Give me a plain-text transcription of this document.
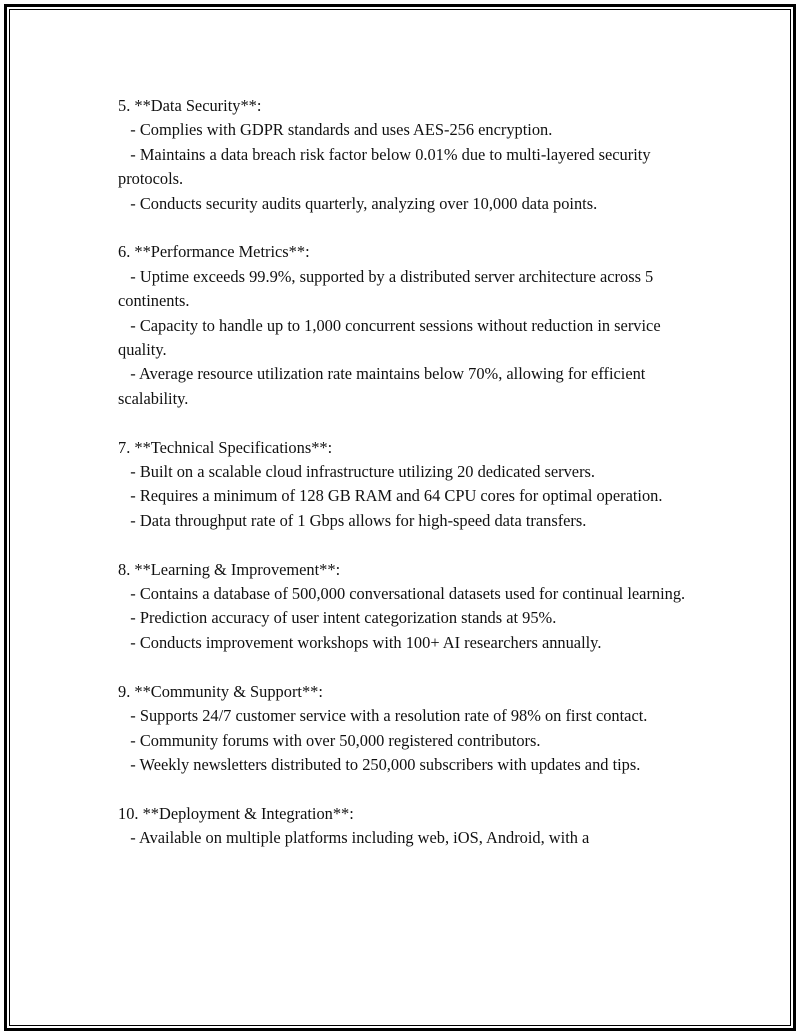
5. **Data Security**:

- Complies with GDPR standards and uses AES-256 encryption.

- Maintains a data breach risk factor below 0.01% due to multi-layered security protocols.

- Conducts security audits quarterly, analyzing over 10,000 data points.

6. **Performance Metrics**:

- Uptime exceeds 99.9%, supported by a distributed server architecture across 5 continents.

- Capacity to handle up to 1,000 concurrent sessions without reduction in service quality.

- Average resource utilization rate maintains below 70%, allowing for efficient scalability.

7. **Technical Specifications**:

- Built on a scalable cloud infrastructure utilizing 20 dedicated servers.

- Requires a minimum of 128 GB RAM and 64 CPU cores for optimal operation.

- Data throughput rate of 1 Gbps allows for high-speed data transfers.

8. **Learning & Improvement**:

- Contains a database of 500,000 conversational datasets used for continual learning.

- Prediction accuracy of user intent categorization stands at 95%.

- Conducts improvement workshops with 100+ AI researchers annually.

9. **Community & Support**:

- Supports 24/7 customer service with a resolution rate of 98% on first contact.

- Community forums with over 50,000 registered contributors.

- Weekly newsletters distributed to 250,000 subscribers with updates and tips.

10. **Deployment & Integration**:

- Available on multiple platforms including web, iOS, Android, with a
